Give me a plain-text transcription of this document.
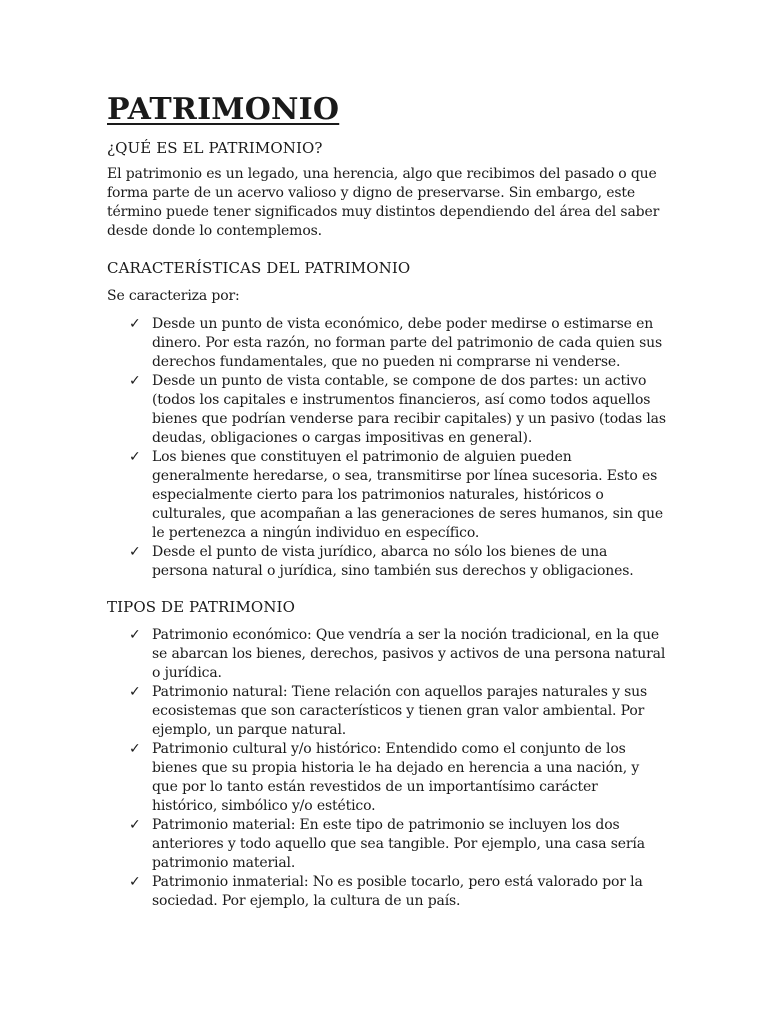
PATRIMONIO
¿QUÉ ES EL PATRIMONIO?

El patrimonio es un legado, una herencia, algo que recibimos del pasado o que forma parte de un acervo valioso y digno de preservarse. Sin embargo, este término puede tener significados muy distintos dependiendo del área del saber desde donde lo contemplemos.

CARACTERÍSTICAS DEL PATRIMONIO

Se caracteriza por:

✓ Desde un punto de vista económico, debe poder medirse o estimarse en dinero. Por esta razón, no forman parte del patrimonio de cada quien sus derechos fundamentales, que no pueden ni comprarse ni venderse.
✓ Desde un punto de vista contable, se compone de dos partes: un activo (todos los capitales e instrumentos financieros, así como todos aquellos bienes que podrían venderse para recibir capitales) y un pasivo (todas las deudas, obligaciones o cargas impositivas en general).
✓ Los bienes que constituyen el patrimonio de alguien pueden generalmente heredarse, o sea, transmitirse por línea sucesoria. Esto es especialmente cierto para los patrimonios naturales, históricos o culturales, que acompañan a las generaciones de seres humanos, sin que le pertenezca a ningún individuo en específico.
✓ Desde el punto de vista jurídico, abarca no sólo los bienes de una persona natural o jurídica, sino también sus derechos y obligaciones.
TIPOS DE PATRIMONIO
✓ Patrimonio económico: Que vendría a ser la noción tradicional, en la que se abarcan los bienes, derechos, pasivos y activos de una persona natural o jurídica.
✓ Patrimonio natural: Tiene relación con aquellos parajes naturales y sus ecosistemas que son característicos y tienen gran valor ambiental. Por ejemplo, un parque natural.
✓ Patrimonio cultural y/o histórico: Entendido como el conjunto de los bienes que su propia historia le ha dejado en herencia a una nación, y que por lo tanto están revestidos de un importantísimo carácter histórico, simbólico y/o estético.
✓ Patrimonio material: En este tipo de patrimonio se incluyen los dos anteriores y todo aquello que sea tangible. Por ejemplo, una casa sería patrimonio material.
✓ Patrimonio inmaterial: No es posible tocarlo, pero está valorado por la sociedad. Por ejemplo, la cultura de un país.
